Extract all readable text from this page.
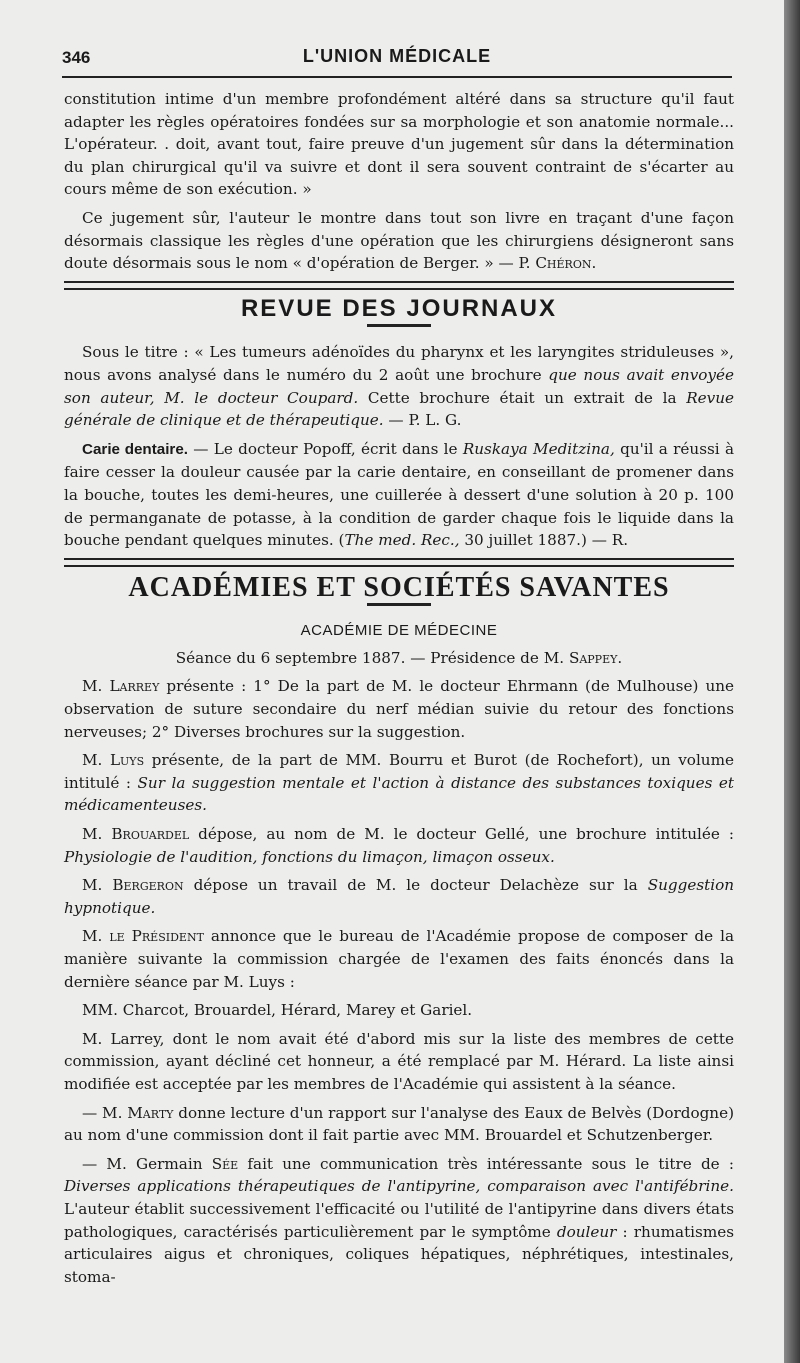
346	L'UNION MÉDICALE

constitution intime d'un membre profondément altéré dans sa structure qu'il faut adapter les règles opératoires fondées sur sa morphologie et son anatomie normale... L'opérateur. . doit, avant tout, faire preuve d'un jugement sûr dans la détermination du plan chirurgical qu'il va suivre et dont il sera souvent contraint de s'écarter au cours même de son exécution. »

Ce jugement sûr, l'auteur le montre dans tout son livre en traçant d'une façon désormais classique les règles d'une opération que les chirurgiens désigneront sans doute désormais sous le nom « d'opération de Berger. » — P. Chéron.

REVUE DES JOURNAUX

Sous le titre : « Les tumeurs adénoïdes du pharynx et les laryngites striduleuses », nous avons analysé dans le numéro du 2 août une brochure que nous avait envoyée son auteur, M. le docteur Coupard. Cette brochure était un extrait de la Revue générale de clinique et de thérapeutique. — P. L. G.

Carie dentaire. — Le docteur Popoff, écrit dans le Ruskaya Meditzina, qu'il a réussi à faire cesser la douleur causée par la carie dentaire, en conseillant de promener dans la bouche, toutes les demi-heures, une cuillerée à dessert d'une solution à 20 p. 100 de permanganate de potasse, à la condition de garder chaque fois le liquide dans la bouche pendant quelques minutes. (The med. Rec., 30 juillet 1887.) — R.

ACADÉMIES ET SOCIÉTÉS SAVANTES
ACADÉMIE DE MÉDECINE

Séance du 6 septembre 1887. — Présidence de M. Sappey.

M. Larrey présente : 1° De la part de M. le docteur Ehrmann (de Mulhouse) une observation de suture secondaire du nerf médian suivie du retour des fonctions nerveuses; 2° Diverses brochures sur la suggestion.

M. Luys présente, de la part de MM. Bourru et Burot (de Rochefort), un volume intitulé : Sur la suggestion mentale et l'action à distance des substances toxiques et médicamenteuses.

M. Brouardel dépose, au nom de M. le docteur Gellé, une brochure intitulée : Physiologie de l'audition, fonctions du limaçon, limaçon osseux.

M. Bergeron dépose un travail de M. le docteur Delachèze sur la Suggestion hypnotique.

M. le Président annonce que le bureau de l'Académie propose de composer de la manière suivante la commission chargée de l'examen des faits énoncés dans la dernière séance par M. Luys :

MM. Charcot, Brouardel, Hérard, Marey et Gariel.

M. Larrey, dont le nom avait été d'abord mis sur la liste des membres de cette commission, ayant décliné cet honneur, a été remplacé par M. Hérard. La liste ainsi modifiée est acceptée par les membres de l'Académie qui assistent à la séance.

— M. Marty donne lecture d'un rapport sur l'analyse des Eaux de Belvès (Dordogne) au nom d'une commission dont il fait partie avec MM. Brouardel et Schutzenberger.

— M. Germain Sée fait une communication très intéressante sous le titre de : Diverses applications thérapeutiques de l'antipyrine, comparaison avec l'antifébrine. L'auteur établit successivement l'efficacité ou l'utilité de l'antipyrine dans divers états pathologiques, caractérisés particulièrement par le symptôme douleur : rhumatismes articulaires aigus et chroniques, coliques hépatiques, néphrétiques, intestinales, stoma-
